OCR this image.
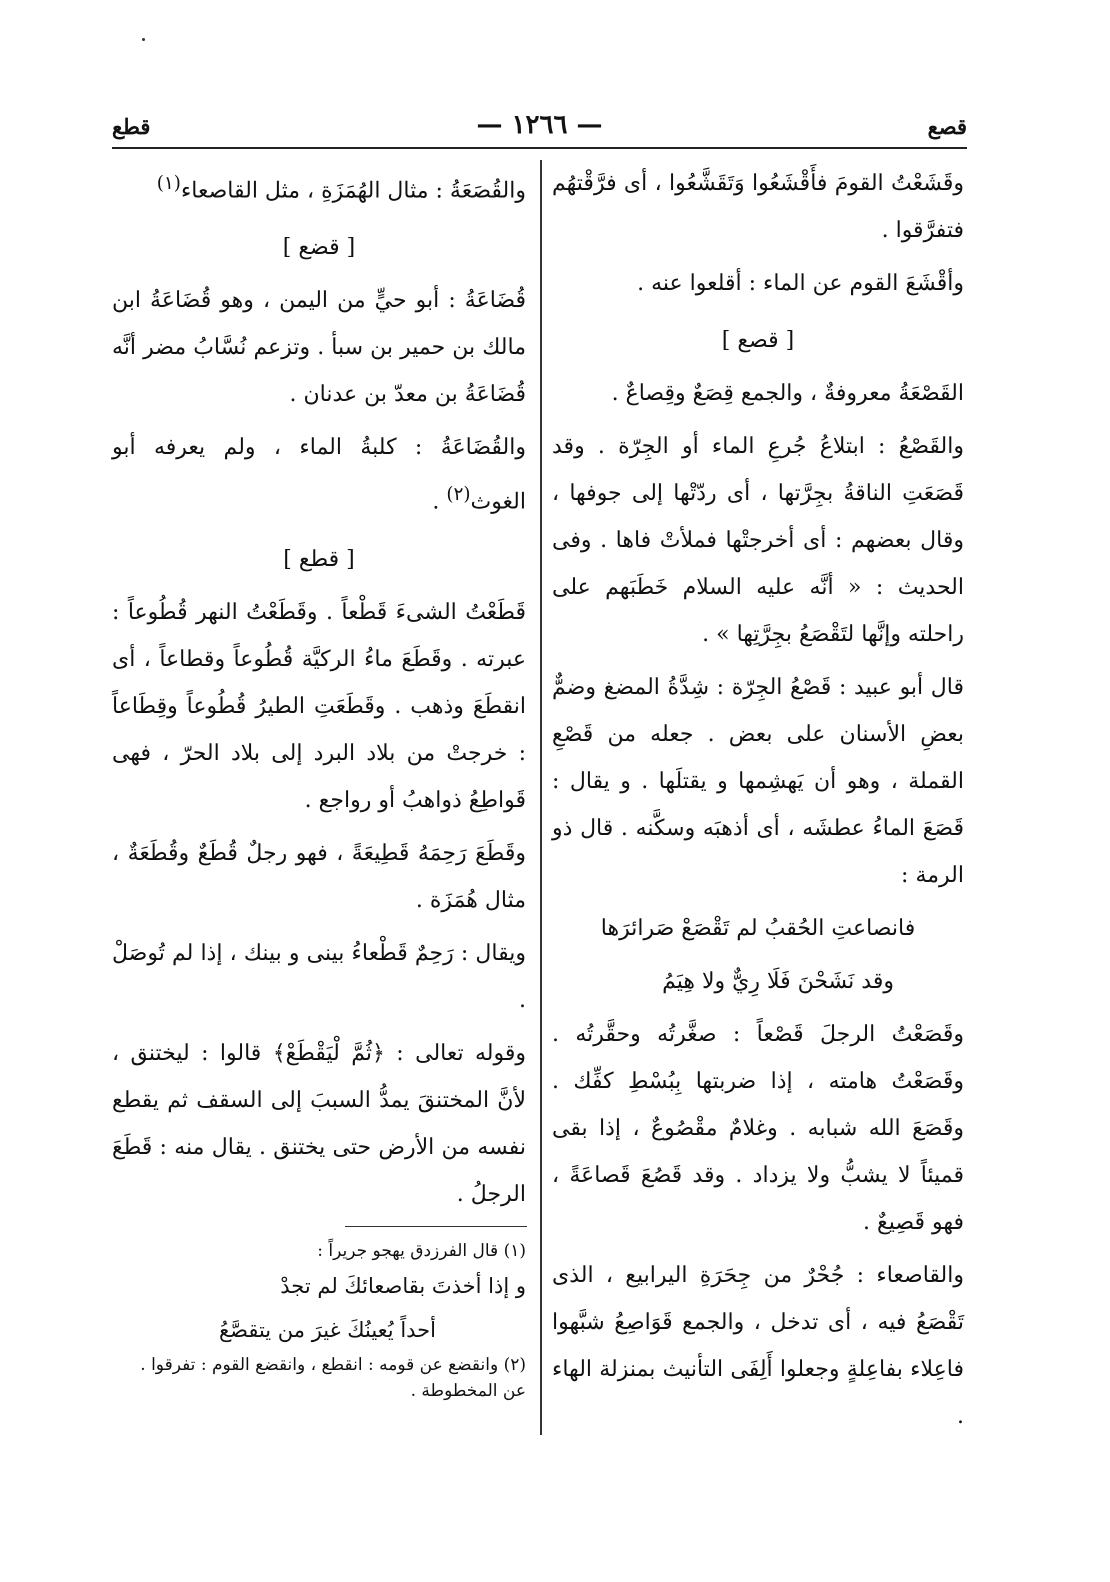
قصع
— ١٢٦٦ —
قطع

وقَشَعْتُ القومَ فأَقْشَعُوا وَتَقَشَّعُوا ، أى فرَّقْتهُم فتفرَّقوا .

وأقْشَعَ القوم عن الماء : أقلعوا عنه .

[ قصع ]

القَصْعَةُ معروفةٌ ، والجمع قِصَعٌ وقِصاعٌ .

والقَصْعُ : ابتلاعُ جُرعِ الماء أو الجِرّة . وقد قَصَعَتِ الناقةُ بجِرَّتها ، أى ردّتْها إلى جوفها ، وقال بعضهم : أى أخرجتْها فملأتْ فاها . وفى الحديث : « أنَّه عليه السلام خَطَبَهم على راحلته وإنَّها لتَقْصَعُ بجِرَّتِها » .

قال أبو عبيد : قَصْعُ الجِرّة : شِدَّةُ المضغ وضمٌّ بعضِ الأسنان على بعض . جعله من قَصْعِ القملة ، وهو أن يَهشِمها و يقتلَها . و يقال : قَصَعَ الماءُ عطشَه ، أى أذهبَه وسكَّنه . قال ذو الرمة :

فانصاعتِ الحُقبُ لم تَقْصَعْ صَرائرَها

وقد نَشَحْنَ فَلَا رِيٌّ ولا هِيَمُ

وقَصَعْتُ الرجلَ قَصْعاً : صغَّرتُه وحقَّرتُه . وقَصَعْتُ هامته ، إذا ضربتها بِبُسْطِ كفِّك . وقَصَعَ الله شبابه . وغلامٌ مقْصُوعٌ ، إذا بقى قميئاً لا يشبُّ ولا يزداد . وقد قَصُعَ قَصاعَةً ، فهو قَصِيعٌ .

والقاصعاء : جُحْرٌ من جِحَرَةِ اليرابيع ، الذى تَقْصَعُ فيه ، أى تدخل ، والجمع قَوَاصِعُ شبَّهوا فاعِلاء بفاعِلةٍ وجعلوا أَلِفَى التأنيث بمنزلة الهاء .

والقُصَعَةُ : مثال الهُمَزَةِ ، مثل القاصعاء$^{(١)}$

[ قضع ]

قُضَاعَةُ : أبو حيٍّ من اليمن ، وهو قُضَاعَةُ ابن مالك بن حمير بن سبأ . وتزعم نُسَّابُ مضر أنَّه قُضَاعَةُ بن معدّ بن عدنان .

والقُضَاعَةُ : كلبةُ الماء ، ولم يعرفه أبو الغوث$^{(٢)}$ .

[ قطع ]

قَطَعْتُ الشىءَ قَطْعاً . وقَطَعْتُ النهر قُطُوعاً : عبرته . وقَطَعَ ماءُ الركيَّة قُطُوعاً وقطاعاً ، أى انقطَعَ وذهب . وقَطَعَتِ الطيرُ قُطُوعاً وقِطَاعاً : خرجتْ من بلاد البرد إلى بلاد الحرّ ، فهى قَواطِعُ ذواهبُ أو رواجع .

وقَطَعَ رَحِمَهُ قَطِيعَةً ، فهو رجلٌ قُطَعٌ وقُطَعَةٌ ، مثال هُمَزَة .

ويقال : رَحِمٌ قَطْعاءُ بينى و بينك ، إذا لم تُوصَلْ .

وقوله تعالى : ﴿ثُمَّ لْيَقْطَعْ﴾ قالوا : ليختنق ، لأنَّ المختنقَ يمدُّ السببَ إلى السقف ثم يقطع نفسه من الأرض حتى يختنق . يقال منه : قَطَعَ الرجلُ .

(١) قال الفرزدق يهجو جريراً :

و إذا أخذتَ بقاصعائكَ لم تجدْ

أحداً يُعينُكَ غيرَ من يتقصَّعُ

(٢) وانقضع عن قومه : انقطع ، وانقضع القوم : تفرقوا . عن المخطوطة .
